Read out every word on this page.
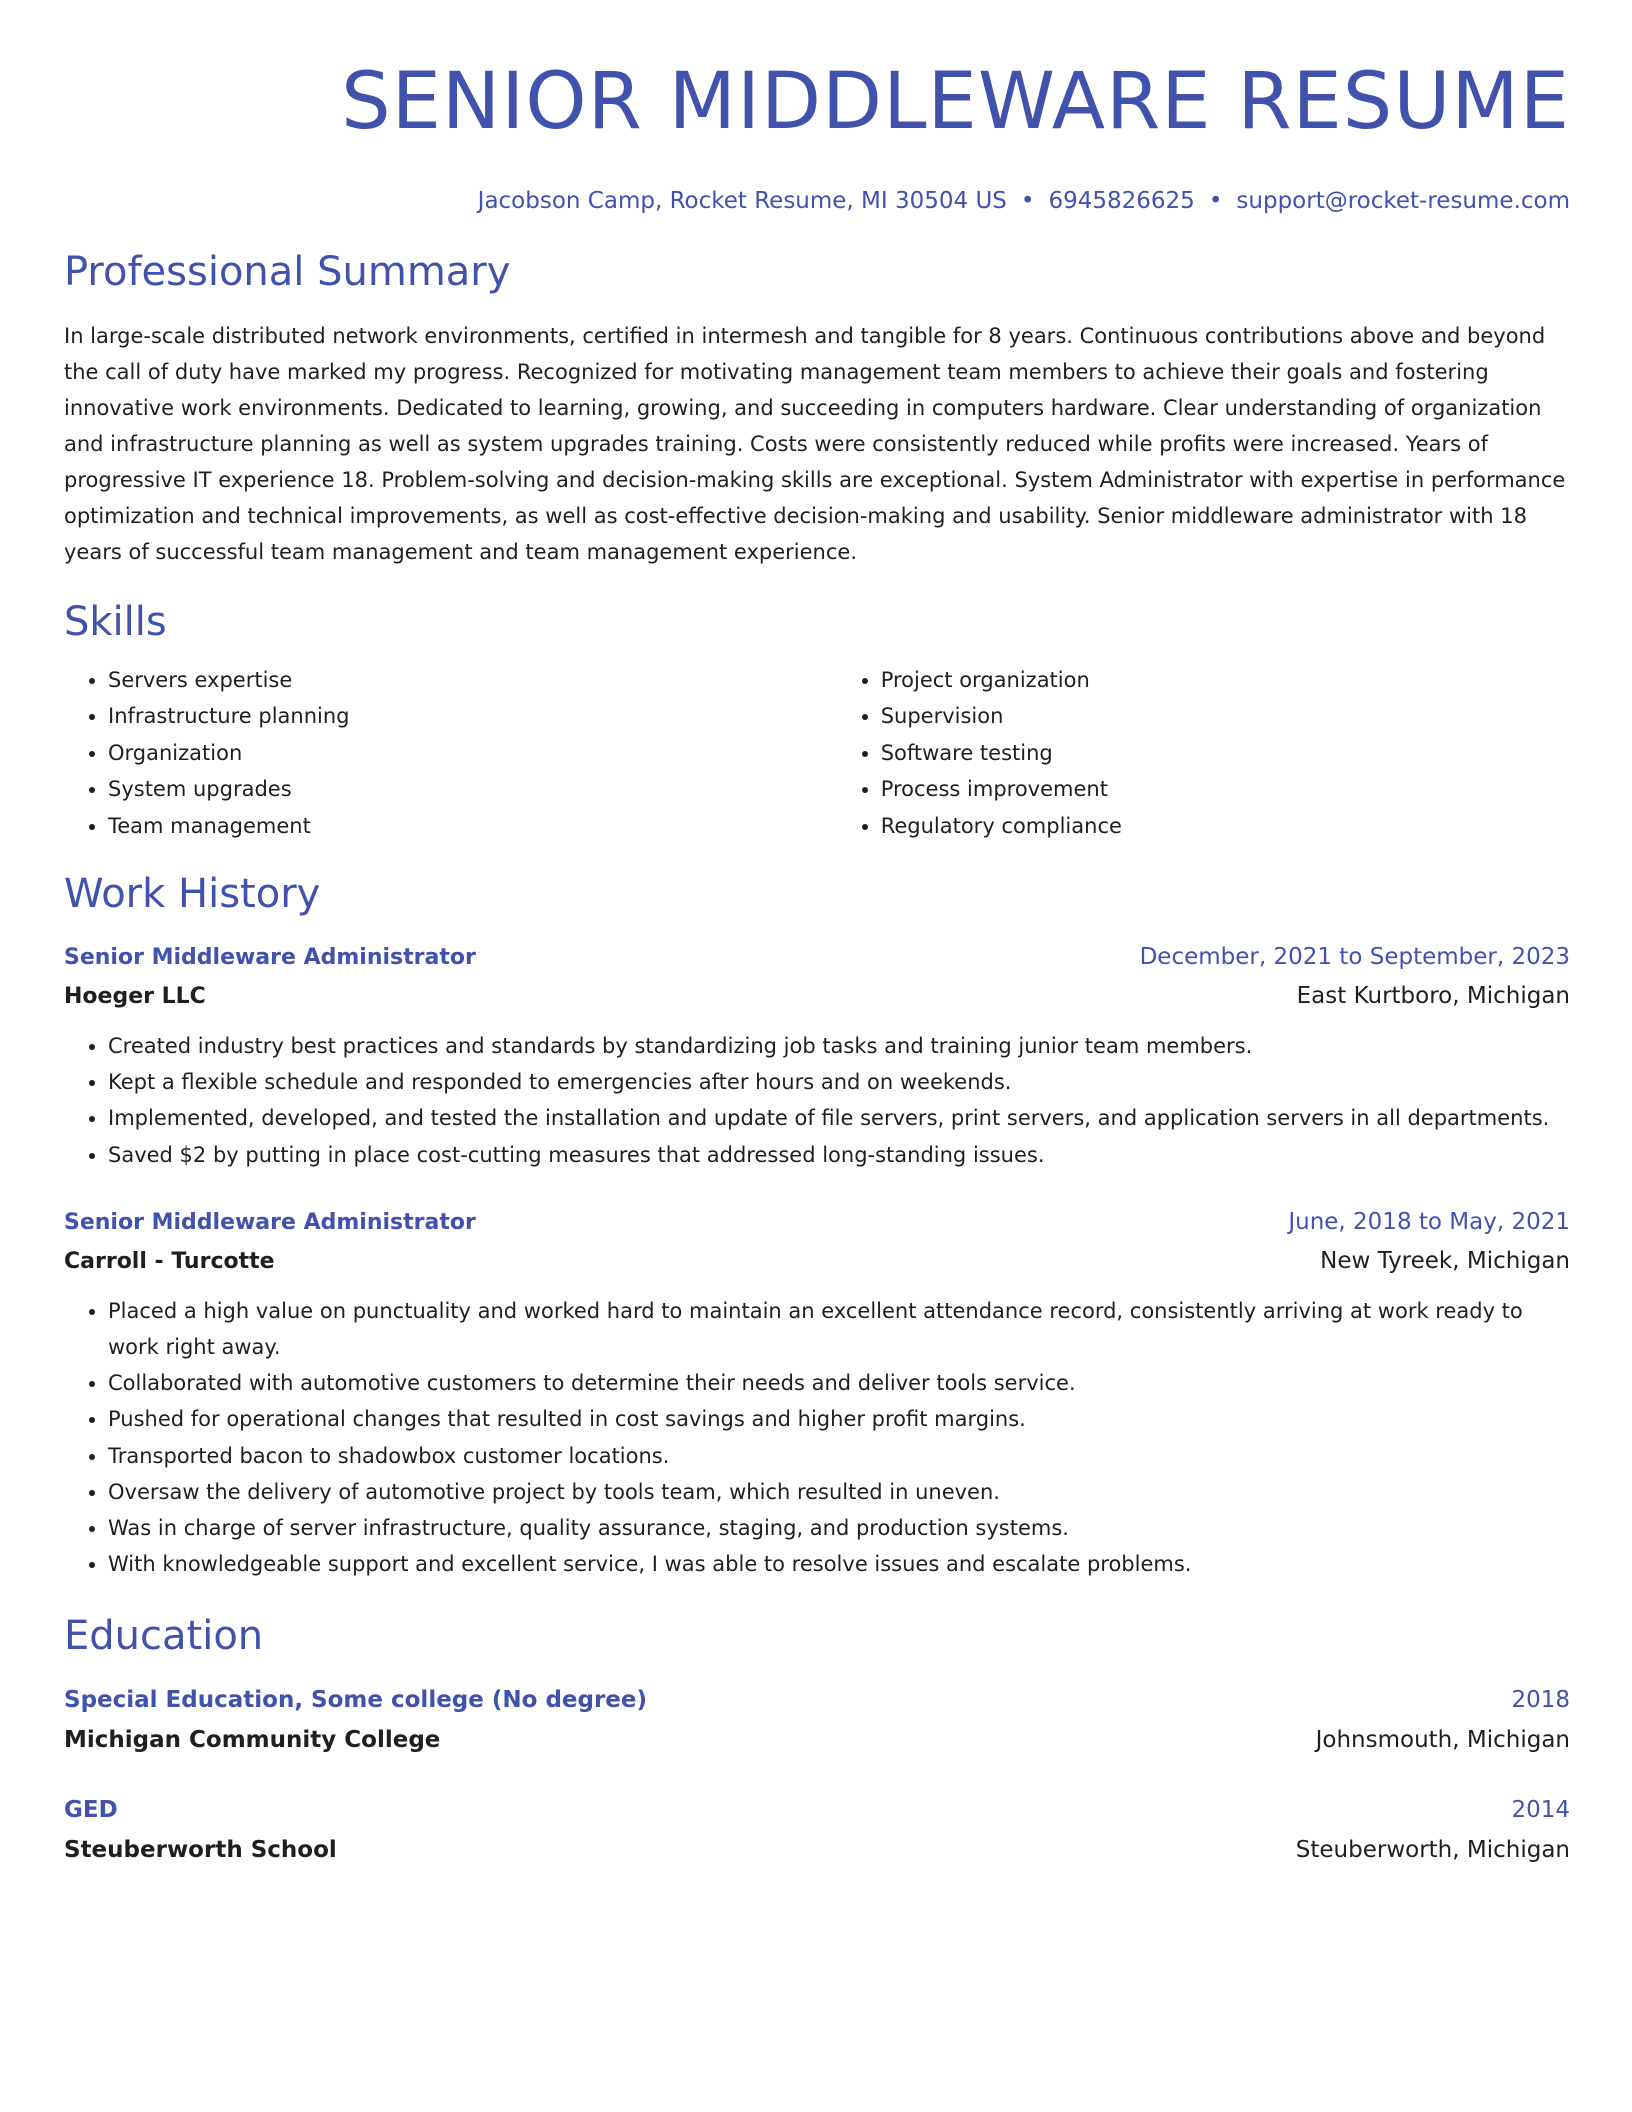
SENIOR MIDDLEWARE RESUME
Jacobson Camp, Rocket Resume, MI 30504 US • 6945826625 • support@rocket-resume.com
Professional Summary
In large-scale distributed network environments, certified in intermesh and tangible for 8 years. Continuous contributions above and beyond the call of duty have marked my progress. Recognized for motivating management team members to achieve their goals and fostering innovative work environments. Dedicated to learning, growing, and succeeding in computers hardware. Clear understanding of organization and infrastructure planning as well as system upgrades training. Costs were consistently reduced while profits were increased. Years of progressive IT experience 18. Problem-solving and decision-making skills are exceptional. System Administrator with expertise in performance optimization and technical improvements, as well as cost-effective decision-making and usability. Senior middleware administrator with 18 years of successful team management and team management experience.
Skills
• Servers expertise
• Infrastructure planning
• Organization
• System upgrades
• Team management
• Project organization
• Supervision
• Software testing
• Process improvement
• Regulatory compliance
Work History
Senior Middleware Administrator	December, 2021 to September, 2023
Hoeger LLC	East Kurtboro, Michigan
• Created industry best practices and standards by standardizing job tasks and training junior team members.
• Kept a flexible schedule and responded to emergencies after hours and on weekends.
• Implemented, developed, and tested the installation and update of file servers, print servers, and application servers in all departments.
• Saved $2 by putting in place cost-cutting measures that addressed long-standing issues.
Senior Middleware Administrator	June, 2018 to May, 2021
Carroll - Turcotte	New Tyreek, Michigan
• Placed a high value on punctuality and worked hard to maintain an excellent attendance record, consistently arriving at work ready to work right away.
• Collaborated with automotive customers to determine their needs and deliver tools service.
• Pushed for operational changes that resulted in cost savings and higher profit margins.
• Transported bacon to shadowbox customer locations.
• Oversaw the delivery of automotive project by tools team, which resulted in uneven.
• Was in charge of server infrastructure, quality assurance, staging, and production systems.
• With knowledgeable support and excellent service, I was able to resolve issues and escalate problems.
Education
Special Education, Some college (No degree)	2018
Michigan Community College	Johnsmouth, Michigan
GED	2014
Steuberworth School	Steuberworth, Michigan
